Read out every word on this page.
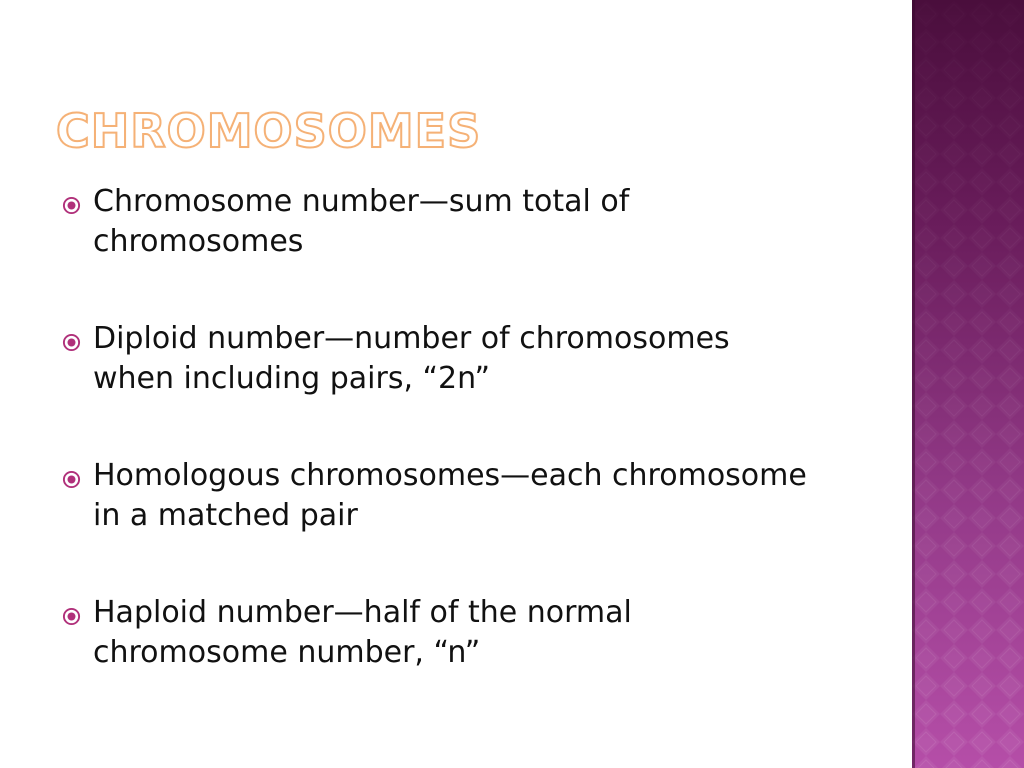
CHROMOSOMES
Chromosome number—sum total of chromosomes
Diploid number—number of chromosomes when including pairs, “2n”
Homologous chromosomes—each chromosome in a matched pair
Haploid number—half of the normal chromosome number, “n”
